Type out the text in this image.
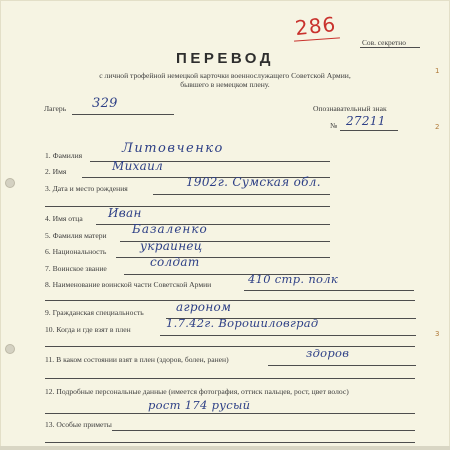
286
Сов. секретно
ПЕРЕВОД
с личной трофейной немецкой карточки военнослужащего Советской Армии,
бывшего в немецком плену.
1
2
3
Лагерь 329	Опознавательный знак
№ 27211
1. Фамилия	Литовченко
2. Имя	Михаил
3. Дата и место рождения	1902г. Сумская обл.
4. Имя отца Иван
5. Фамилия матери Базаленко
6. Национальность	украинец
7. Воинское звание	солдат
8. Наименование воинской части Советской Армии	410 стр. полк
9. Гражданская специальность	агроном
10. Когда и где взят в плен	1.7.42г. Ворошиловград
11. В каком состоянии взят в плен (здоров, болен, ранен)	здоров
12. Подробные персональные данные (имеется фотография, оттиск пальцев, рост, цвет волос)
рост 174 русый
13. Особые приметы
